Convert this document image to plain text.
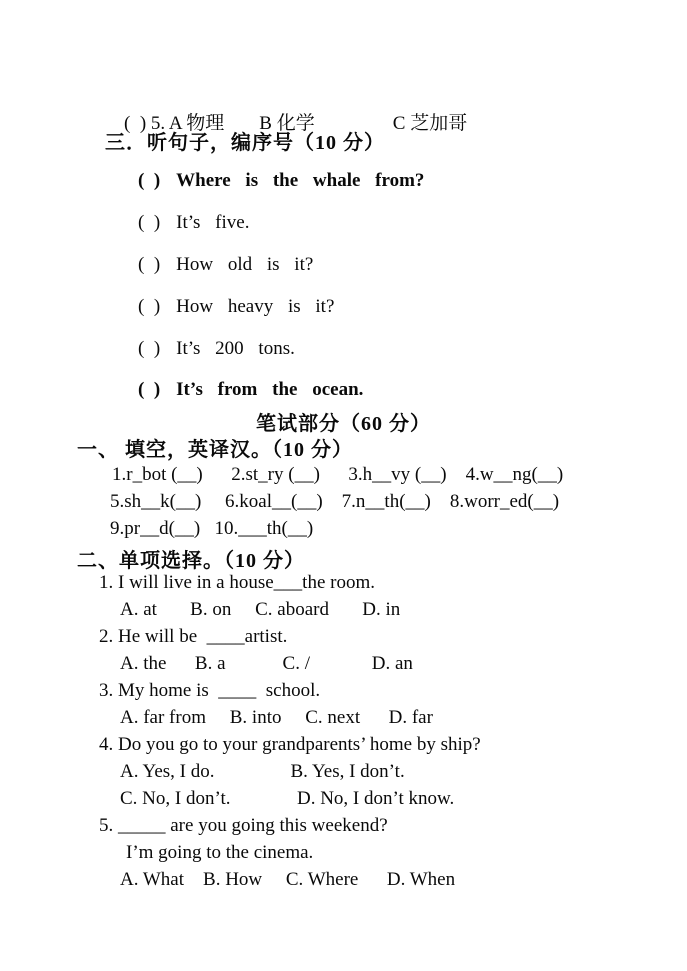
(  ) 5. A 物理 B 化学	C 芝加哥

三．听句子，编序号（10 分）
(  ) Where is the whale from?
(  ) It’s five.
(  ) How old is it?
(  ) How heavy is it?
(  ) It’s 200 tons.
(  ) It’s from the ocean.
笔试部分（60 分）
一、 填空，英译汉。（10 分）
1.r_bot (__)      2.st_ry (__)      3.h__vy (__)    4.w__ng(__)
5.sh__k(__)     6.koal__(__)    7.n__th(__)    8.worr_ed(__)
9.pr__d(__)   10.___th(__)
二、单项选择。（10 分）
1. I will live in a house___the room.
A. at       B. on     C. aboard       D. in
2. He will be  ____artist.
A. the      B. a            C. /             D. an
3. My home is  ____  school.
A. far from     B. into     C. next      D. far
4. Do you go to your grandparents’ home by ship?
A. Yes, I do.                B. Yes, I don’t.
C. No, I don’t.              D. No, I don’t know.
5. _____ are you going this weekend?
I’m going to the cinema.
A. What    B. How     C. Where      D. When
